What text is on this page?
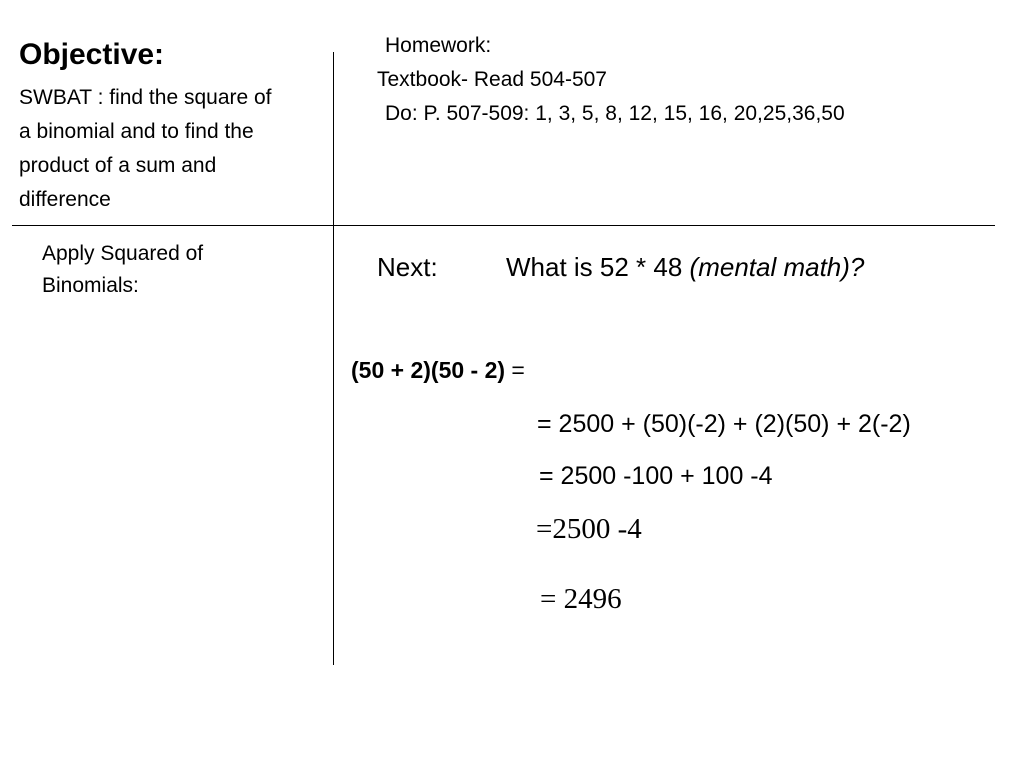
Objective:
SWBAT : find the square of
a binomial and to find the
product of a sum and
difference
Homework:
Textbook- Read 504-507
Do: P. 507-509: 1, 3, 5, 8, 12, 15, 16, 20,25,36,50
Apply Squared of
Binomials:
Next:	What is 52 * 48 (mental math)?
(50 + 2)(50 - 2) =
= 2500 + (50)(-2) + (2)(50) + 2(-2)
= 2500 -100 + 100 -4
=2500 -4
= 2496
